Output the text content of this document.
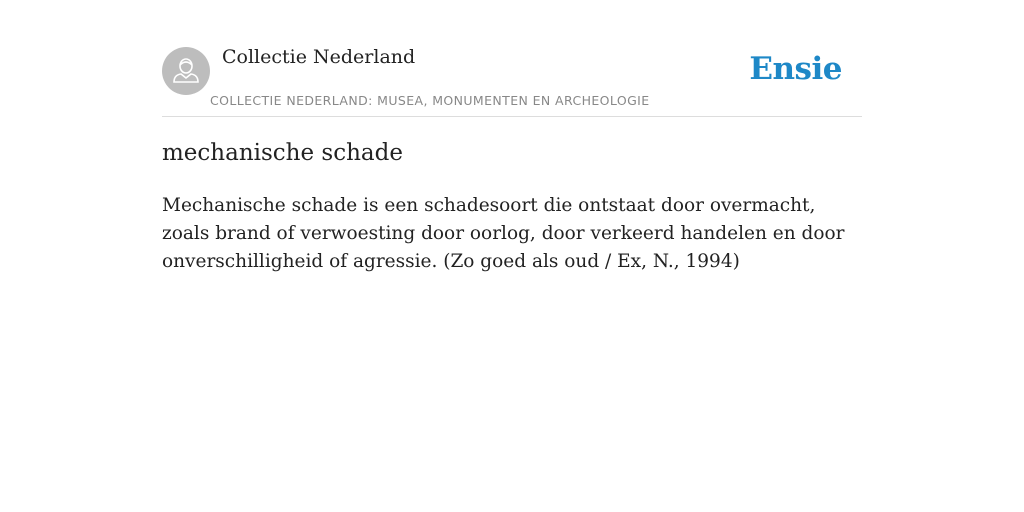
Collectie Nederland
COLLECTIE NEDERLAND: MUSEA, MONUMENTEN EN ARCHEOLOGIE
Ensie
mechanische schade

Mechanische schade is een schadesoort die ontstaat door overmacht, zoals brand of verwoesting door oorlog, door verkeerd handelen en door onverschilligheid of agressie. (Zo goed als oud / Ex, N., 1994)
